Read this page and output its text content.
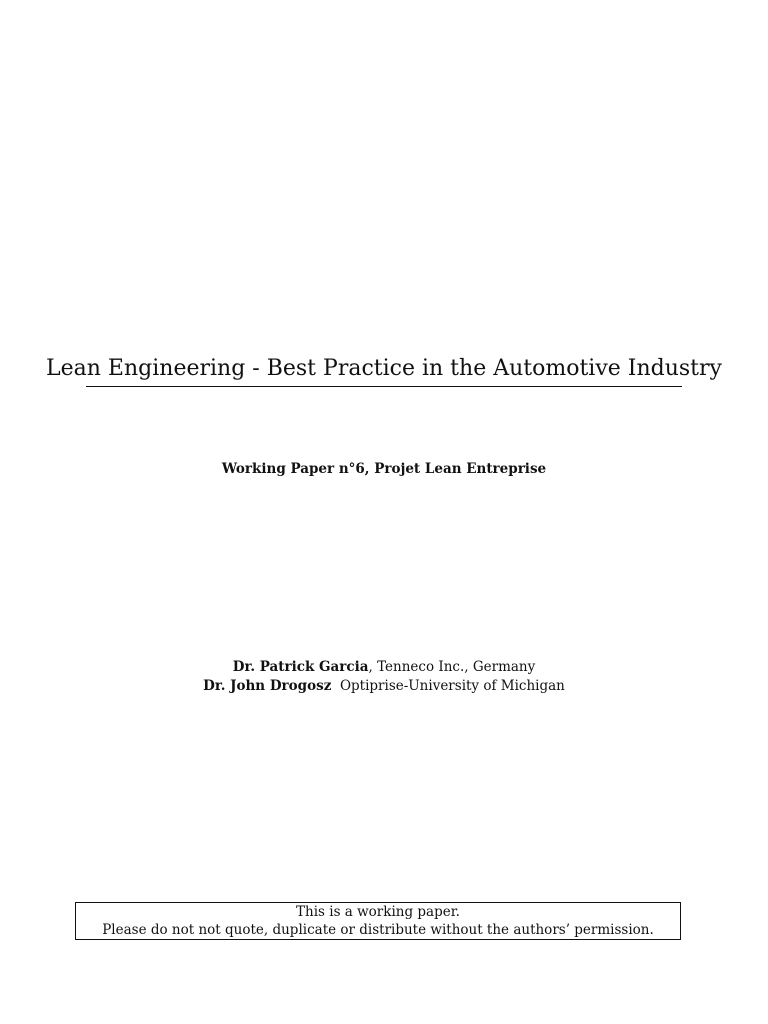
Lean Engineering - Best Practice in the Automotive Industry
Working Paper n°6, Projet Lean Entreprise
Dr. Patrick Garcia, Tenneco Inc., Germany
Dr. John Drogosz  Optiprise-University of Michigan
This is a working paper.
Please do not not quote, duplicate or distribute without the authors’ permission.
